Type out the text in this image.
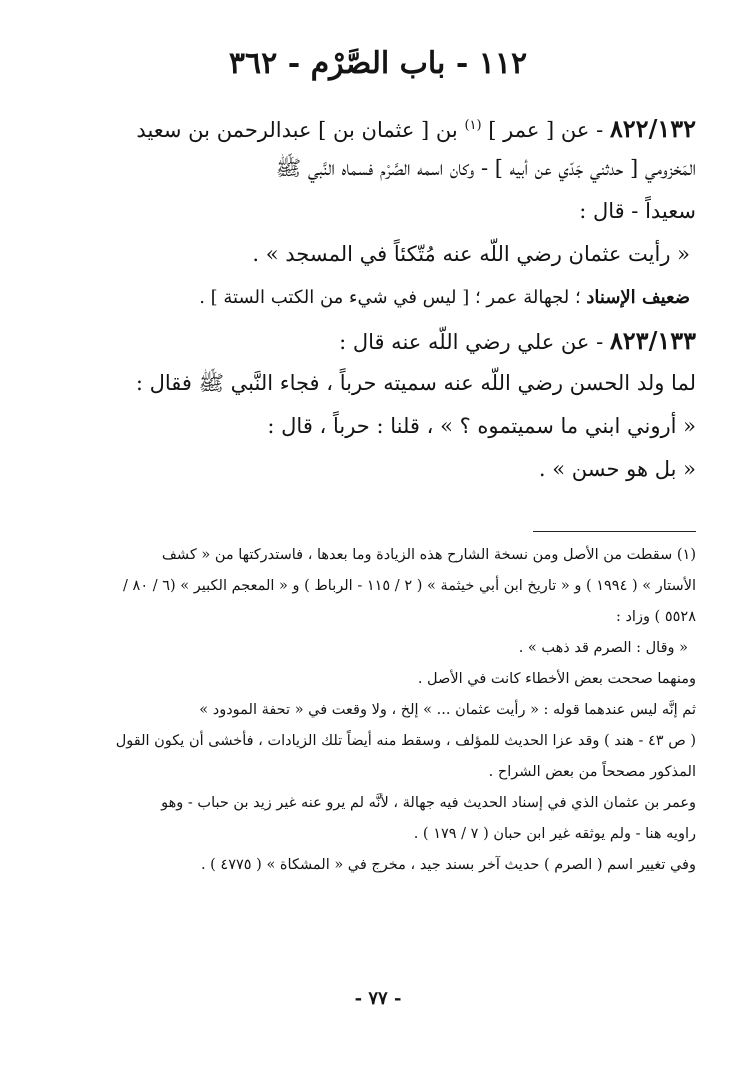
١١٢ - باب الصَّرْم - ٣٦٢
٨٢٢/١٣٢ - عن [ عمر ] $^{(١)}$ بن [ عثمان بن ] عبدالرحمن بن سعيد
المَخزومي [ حدثني جَدّي عن أبيه ] - وكان اسمه الصَّرْم فسماه النَّبي ﷺ
سعيداً - قال :
« رأيت عثمان رضي اللّه عنه مُتّكئاً في المسجد » .
ضعيف الإسناد ؛ لجهالة عمر ؛ [ ليس في شيء من الكتب الستة ] .
٨٢٣/١٣٣ - عن علي رضي اللّه عنه قال :
لما ولد الحسن رضي اللّه عنه سميته حرباً ، فجاء النَّبي ﷺ فقال :
« أروني ابني ما سميتموه ؟ » ، قلنا : حرباً ، قال :
« بل هو حسن » .
(١) سقطت من الأصل ومن نسخة الشارح هذه الزيادة وما بعدها ، فاستدركتها من « كشف
الأستار » ( ١٩٩٤ ) و « تاريخ ابن أبي خيثمة » ( ٢ / ١١٥ - الرباط ) و « المعجم الكبير » (٦ / ٨٠ /
٥٥٢٨ ) وزاد :
« وقال : الصرم قد ذهب » .
ومنهما صححت بعض الأخطاء كانت في الأصل .
ثم إنَّه ليس عندهما قوله : « رأيت عثمان ... » إلخ ، ولا وقعت في « تحفة المودود »
( ص ٤٣ - هند ) وقد عزا الحديث للمؤلف ، وسقط منه أيضاً تلك الزيادات ، فأخشى أن يكون القول
المذكور مصححاً من بعض الشراح .
وعمر بن عثمان الذي في إسناد الحديث فيه جهالة ، لأنَّه لم يرو عنه غير زيد بن حباب - وهو
راويه هنا - ولم يوثقه غير ابن حبان ( ٧ / ١٧٩ ) .
وفي تغيير اسم ( الصرم ) حديث آخر بسند جيد ، مخرج في « المشكاة » ( ٤٧٧٥ ) .
- ٧٧ -
